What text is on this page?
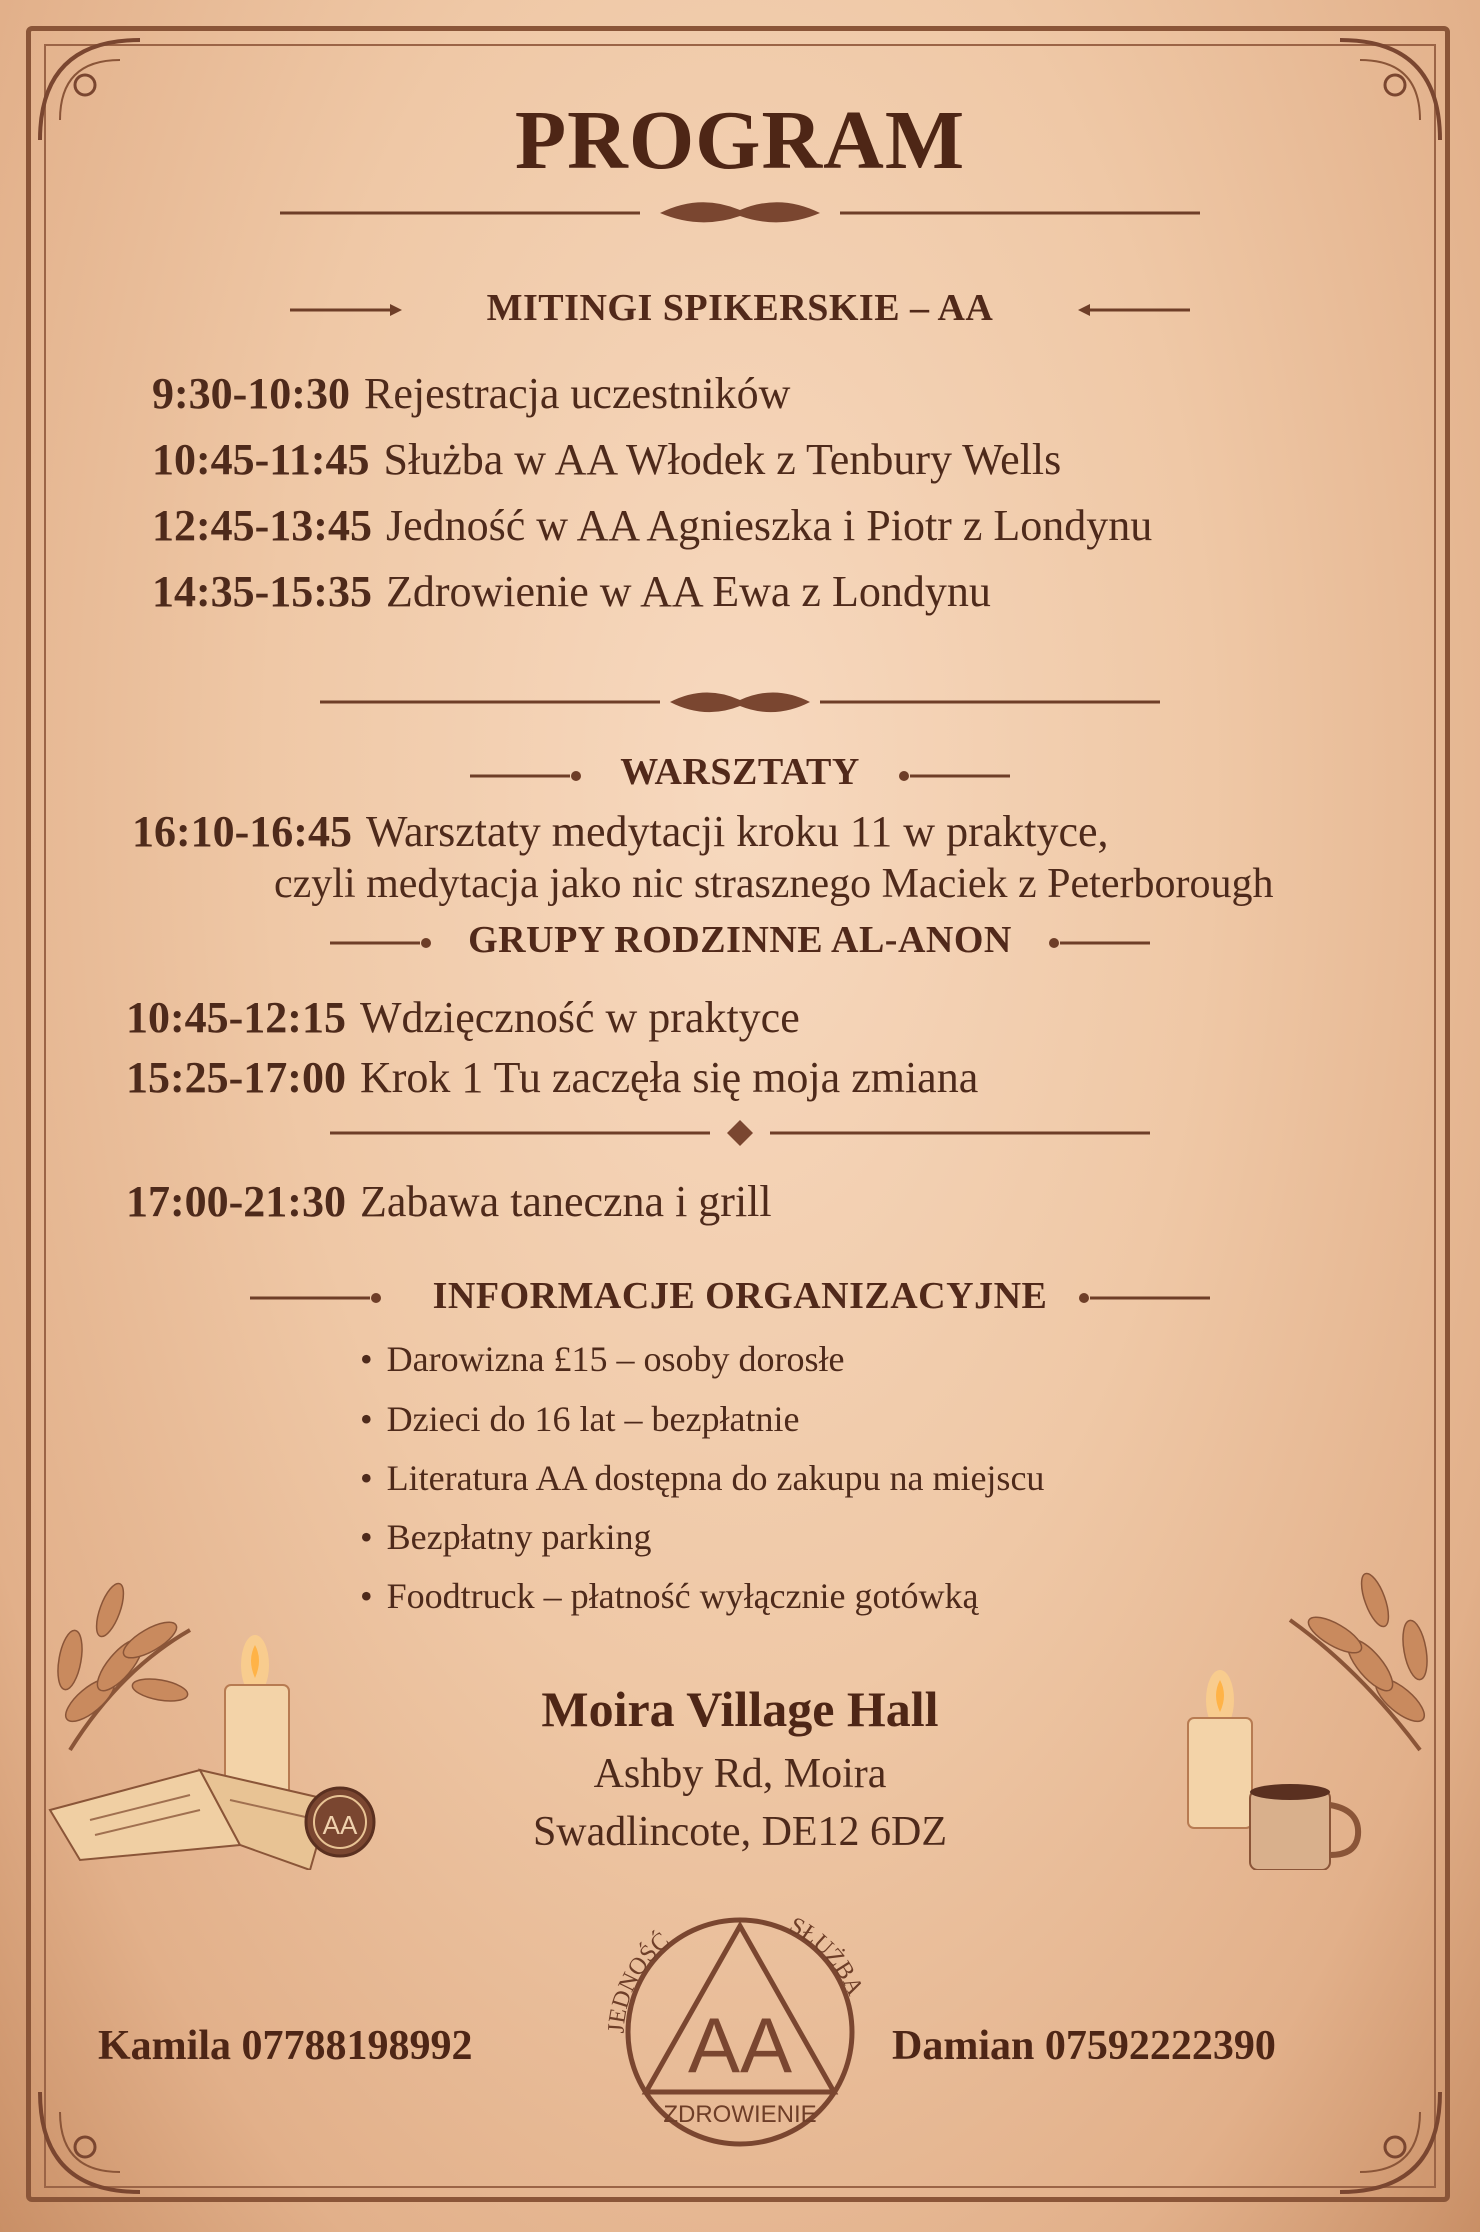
PROGRAM
MITINGI SPIKERSKIE – AA
9:30-10:30 Rejestracja uczestników
10:45-11:45 Służba w AA Włodek z Tenbury Wells
12:45-13:45 Jedność w AA Agnieszka i Piotr z Londynu
14:35-15:35 Zdrowienie w AA Ewa z Londynu
WARSZTATY
16:10-16:45 Warsztaty medytacji kroku 11 w praktyce,
czyli medytacja jako nic strasznego Maciek z Peterborough
GRUPY RODZINNE AL-ANON
10:45-12:15 Wdzięczność w praktyce
15:25-17:00 Krok 1 Tu zaczęła się moja zmiana
17:00-21:30 Zabawa taneczna i grill
INFORMACJE ORGANIZACYJNE
• Darowizna £15 – osoby dorosłe
• Dzieci do 16 lat – bezpłatnie
• Literatura AA dostępna do zakupu na miejscu
• Bezpłatny parking
• Foodtruck – płatność wyłącznie gotówką
AA
Moira Village Hall
Ashby Rd, Moira
Swadlincote, DE12 6DZ
JEDNOŚĆ
SŁUŻBA
ZDROWIENIE
AA
Kamila 07788198992	Damian 07592222390
